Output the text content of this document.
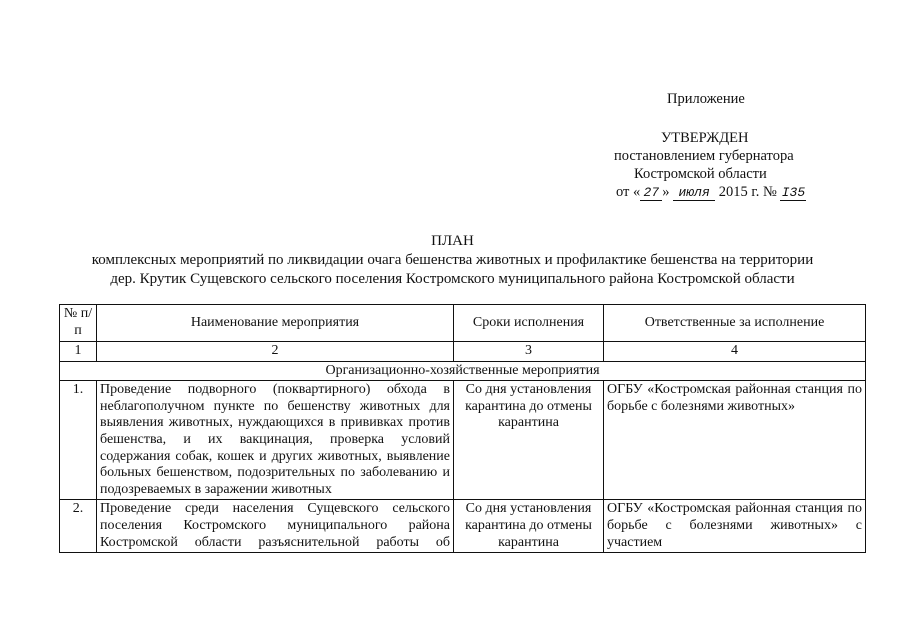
Приложение
УТВЕРЖДЕН
постановлением губернатора
Костромской области
от « 27 » июля 2015 г. № I35
ПЛАН
комплексных мероприятий по ликвидации очага бешенства животных и профилактике бешенства на территории
дер. Крутик Сущевского сельского поселения Костромского муниципального района Костромской области
№ п/п	Наименование мероприятия	Сроки исполнения	Ответственные за исполнение
1	2	3	4
Организационно-хозяйственные мероприятия			
1.	Проведение подворного (поквартирного) обхода в неблагополучном пункте по бешенству животных для выявления животных, нуждающихся в прививках против бешенства, и их вакцинация, проверка условий содержания собак, кошек и других животных, выявление больных бешенством, подозрительных по заболеванию и подозреваемых в заражении животных	Со дня установления карантина до отмены карантина	ОГБУ «Костромская районная станция по борьбе с болезнями животных»
2.	Проведение среди населения Сущевского сельского поселения Костромского муниципального района Костромской области разъяснительной работы об	Со дня установления карантина до отмены карантина	ОГБУ «Костромская районная станция по борьбе с болезнями животных» с участием
